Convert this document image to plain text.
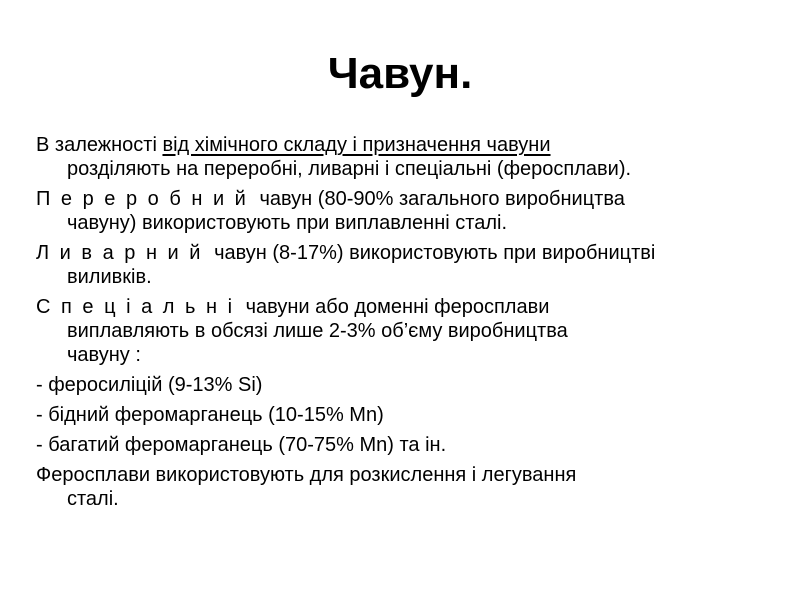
Чавун.
В залежності від хімічного складу і призначення чавуни
розділяють на переробні, ливарні і спеціальні (феросплави).
П е р е р о б н и й  чавун (80-90% загального виробництва
чавуну) використовують при виплавленні сталі.
Л и в а р н и й  чавун (8-17%) використовують при виробництві
виливків.
С п е ц і а л ь н і  чавуни або доменні феросплави
виплавляють в обсязі лише 2-3% об’єму виробництва
чавуну :
- феросиліцій (9-13% Si)
- бідний феромарганець (10-15% Mn)
- багатий феромарганець (70-75% Mn) та ін.
Феросплави використовують для розкислення і легування
сталі.
